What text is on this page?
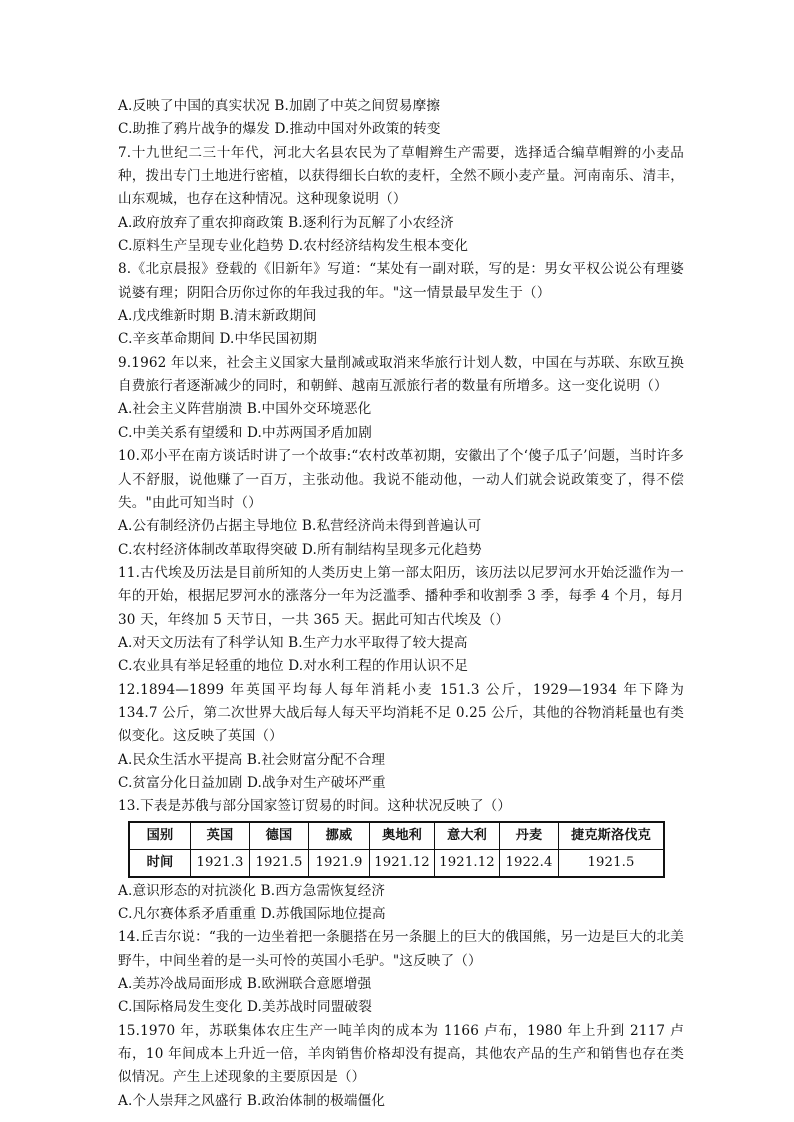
A.反映了中国的真实状况 B.加剧了中英之间贸易摩擦
C.助推了鸦片战争的爆发 D.推动中国对外政策的转变
7.十九世纪二三十年代，河北大名县农民为了草帽辫生产需要，选择适合编草帽辫的小麦品种，拨出专门土地进行密植，以获得细长白软的麦杆，全然不顾小麦产量。河南南乐、清丰，山东观城，也存在这种情况。这种现象说明（）
A.政府放弃了重农抑商政策 B.逐利行为瓦解了小农经济
C.原料生产呈现专业化趋势 D.农村经济结构发生根本变化
8.《北京晨报》登载的《旧新年》写道：“某处有一副对联，写的是：男女平权公说公有理婆说婆有理；阴阳合历你过你的年我过我的年。"这一情景最早发生于（）
A.戊戌维新时期 B.清末新政期间
C.辛亥革命期间 D.中华民国初期
9.1962 年以来，社会主义国家大量削减或取消来华旅行计划人数，中国在与苏联、东欧互换自费旅行者逐渐减少的同时，和朝鲜、越南互派旅行者的数量有所增多。这一变化说明（）
A.社会主义阵营崩溃 B.中国外交环境恶化
C.中美关系有望缓和 D.中苏两国矛盾加剧
10.邓小平在南方谈话时讲了一个故事:“农村改革初期，安徽出了个‘傻子瓜子’问题，当时许多人不舒服，说他赚了一百万，主张动他。我说不能动他，一动人们就会说政策变了，得不偿失。"由此可知当时（）
A.公有制经济仍占据主导地位 B.私营经济尚未得到普遍认可
C.农村经济体制改革取得突破 D.所有制结构呈现多元化趋势
11.古代埃及历法是目前所知的人类历史上第一部太阳历，该历法以尼罗河水开始泛滥作为一年的开始，根据尼罗河水的涨落分一年为泛滥季、播种季和收割季 3 季，每季 4 个月，每月 30 天，年终加 5 天节日，一共 365 天。据此可知古代埃及（）
A.对天文历法有了科学认知 B.生产力水平取得了较大提高
C.农业具有举足轻重的地位 D.对水利工程的作用认识不足
12.1894—1899 年英国平均每人每年消耗小麦 151.3 公斤，1929—1934 年下降为 134.7 公斤，第二次世界大战后每人每天平均消耗不足 0.25 公斤，其他的谷物消耗量也有类似变化。这反映了英国（）
A.民众生活水平提高 B.社会财富分配不合理
C.贫富分化日益加剧 D.战争对生产破坏严重
13.下表是苏俄与部分国家签订贸易的时间。这种状况反映了（）
国别	英国	德国	挪威	奥地利	意大利	丹麦	捷克斯洛伐克
时间	1921.3	1921.5	1921.9	1921.12	1921.12	1922.4	1921.5
A.意识形态的对抗淡化 B.西方急需恢复经济
C.凡尔赛体系矛盾重重 D.苏俄国际地位提高
14.丘吉尔说：“我的一边坐着把一条腿搭在另一条腿上的巨大的俄国熊，另一边是巨大的北美野牛，中间坐着的是一头可怜的英国小毛驴。"这反映了（）
A.美苏冷战局面形成 B.欧洲联合意愿增强
C.国际格局发生变化 D.美苏战时同盟破裂
15.1970 年，苏联集体农庄生产一吨羊肉的成本为 1166 卢布，1980 年上升到 2117 卢布，10 年间成本上升近一倍，羊肉销售价格却没有提高，其他农产品的生产和销售也存在类似情况。产生上述现象的主要原因是（）
A.个人崇拜之风盛行 B.政治体制的极端僵化
